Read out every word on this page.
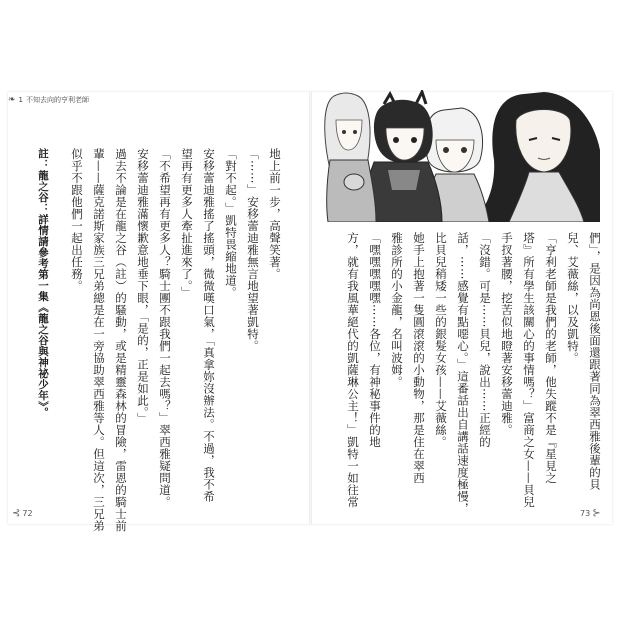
❧ 1 不知去向的亨利老師
地上前一步，高聲笑著。
「⋯⋯」安移蕾迪雅無言地望著凱特。
「對不起。」凱特畏縮地道。
安移蕾迪雅搖了搖頭，微微嘆口氣，「真拿妳沒辦法。不過，我不希
望再有更多人牽扯進來了。」
「不希望再有更多人？騎士團不跟我們一起去嗎？」翠西雅疑問道。
安移蕾迪雅滿懷歉意地垂下眼，「是的，正是如此。」
過去不論是在龍之谷（註）的騷動，或是精靈森林的冒險，雷恩的騎士前
輩——薩克諾斯家族三兄弟總是在一旁協助翠西雅等人。但這次，三兄弟
似乎不跟他們一起出任務。
註：龍之谷：詳情請參考第一集《龍之谷與神祕少年》。
⊰ 72
們」，是因為尚恩後面還跟著同為翠西雅後輩的貝
兒、艾薇絲，以及凱特。
「亨利老師是我們的老師，他失蹤不是『星見之
塔』所有學生該關心的事情嗎？」富商之女——貝兒
手扠著腰，挖苦似地瞪著安移蕾迪雅。
「沒錯。可是⋯⋯貝兒，說出⋯⋯正經的
話，⋯⋯感覺有點噁心。」這番話出自講話速度極慢，
比貝兒稍矮一些的銀髮女孩——艾薇絲。
她手上抱著一隻圓滾滾的小動物，那是住在翠西
雅診所的小金龍，名叫波姆。
「嘿嘿嘿嘿嘿⋯⋯各位，有神秘事件的地
方，就有我風華絕代的凱薩琳公主！」凱特一如往常
73 ⊱
